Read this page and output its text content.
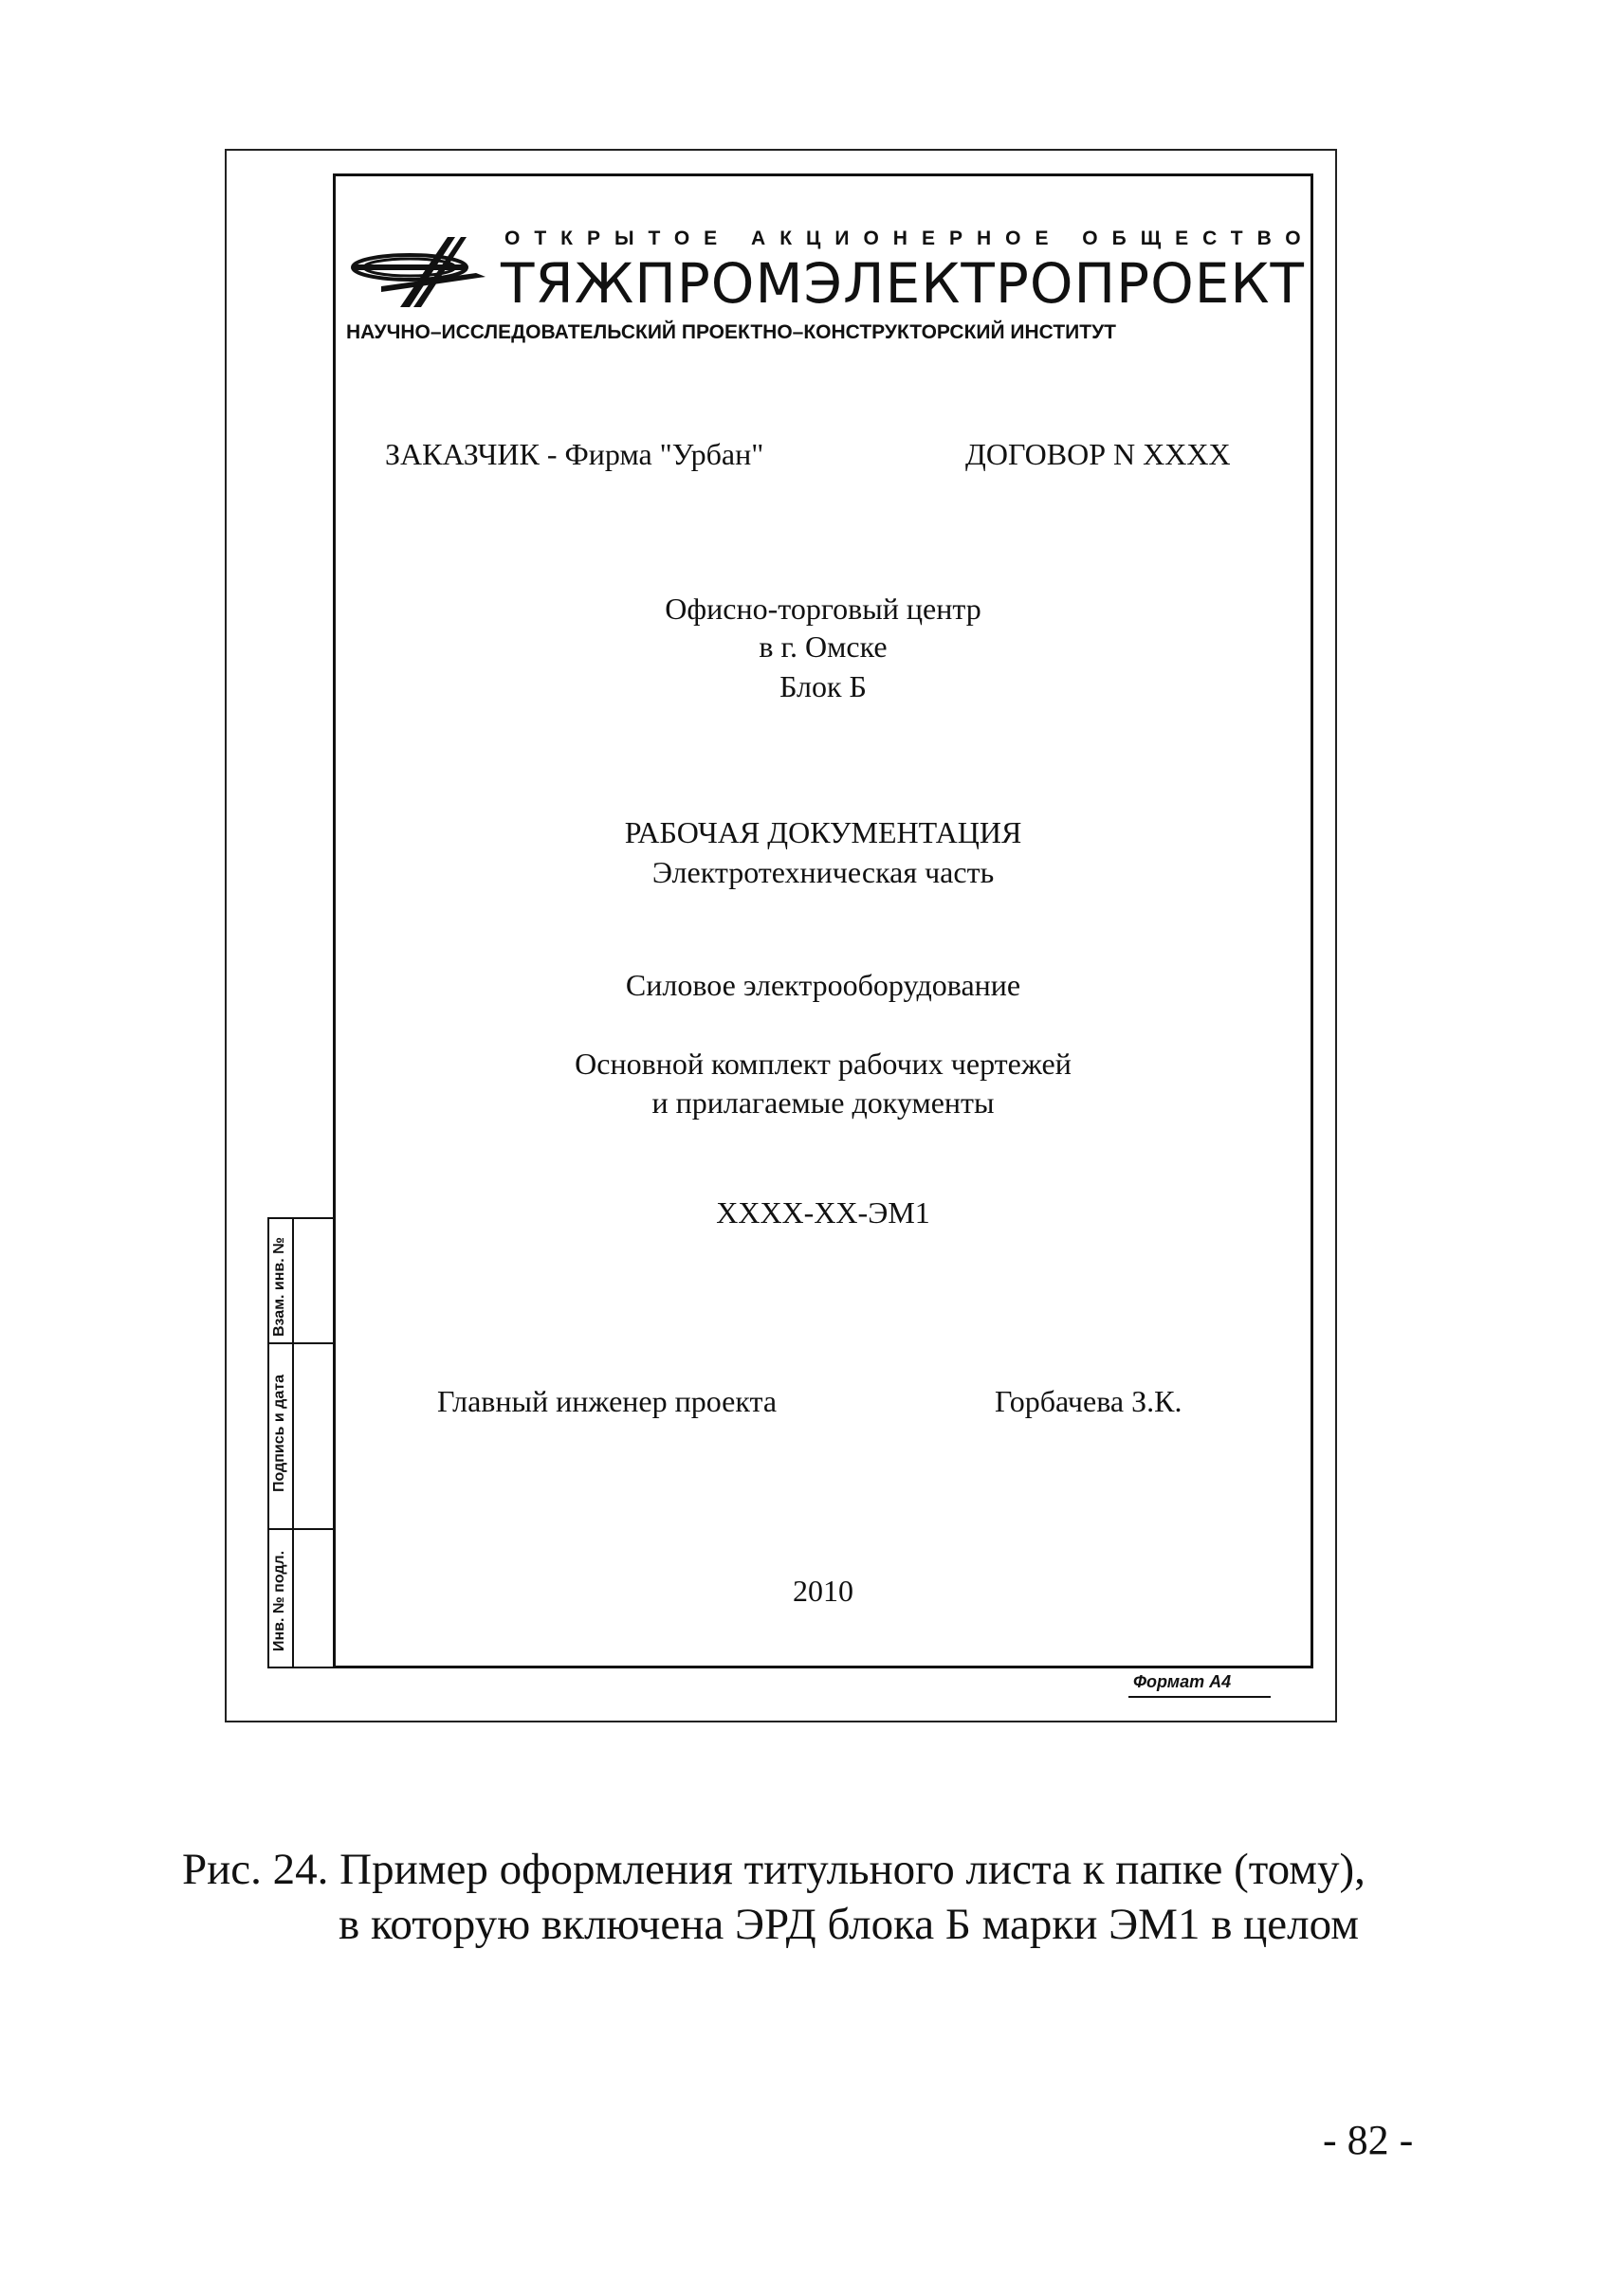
ОТКРЫТОЕ АКЦИОНЕРНОЕ ОБЩЕСТВО
ТЯЖПРОМЭЛЕКТРОПРОЕКТ
НАУЧНО–ИССЛЕДОВАТЕЛЬСКИЙ ПРОЕКТНО–КОНСТРУКТОРСКИЙ ИНСТИТУТ
ЗАКАЗЧИК - Фирма "Урбан"	ДОГОВОР N XXXX
Офисно-торговый центр
в г. Омске
Блок Б
РАБОЧАЯ ДОКУМЕНТАЦИЯ
Электротехническая часть
Силовое электрооборудование
Основной комплект рабочих чертежей
и прилагаемые документы
XXXX-XX-ЭМ1
Главный инженер проекта	Горбачева З.К.
2010
Формат А4
Взам. инв. №
Подпись и дата
Инв. № подл.
Рис. 24. Пример оформления титульного листа к папке (тому),
в которую включена ЭРД блока Б марки ЭМ1 в целом
- 82 -
